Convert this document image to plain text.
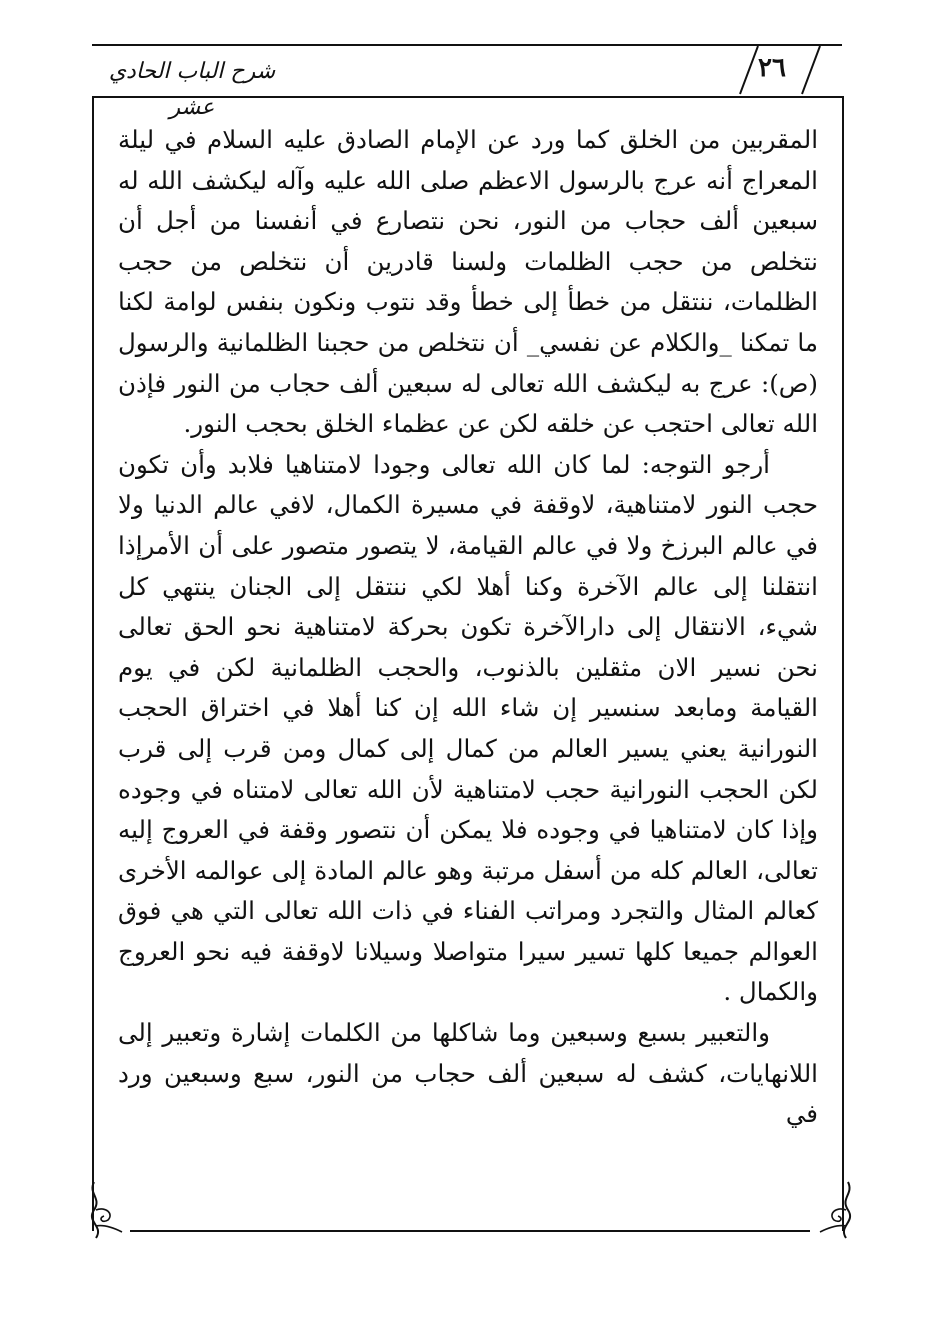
شرح الباب الحادي عشر
٢٦

المقربين من الخلق كما ورد عن الإمام الصادق عليه السلام في ليلة المعراج أنه عرج بالرسول الاعظم صلى الله عليه وآله ليكشف الله له سبعين ألف حجاب من النور، نحن نتصارع في أنفسنا من أجل أن نتخلص من حجب الظلمات ولسنا قادرين أن نتخلص من حجب الظلمات، ننتقل من خطأ إلى خطأ وقد نتوب ونكون بنفس لوامة لكنا ما تمكنا _والكلام عن نفسي_ أن نتخلص من حجبنا الظلمانية والرسول (ص): عرج به ليكشف الله تعالى له سبعين ألف حجاب من النور فإذن الله تعالى احتجب عن خلقه لكن عن عظماء الخلق بحجب النور.

أرجو التوجه: لما كان الله تعالى وجودا لامتناهيا فلابد وأن تكون حجب النور لامتناهية، لاوقفة في مسيرة الكمال، لافي عالم الدنيا ولا في عالم البرزخ ولا في عالم القيامة، لا يتصور متصور على أن الأمرإذا انتقلنا إلى عالم الآخرة وكنا أهلا لكي ننتقل إلى الجنان ينتهي كل شيء، الانتقال إلى دارالآخرة تكون بحركة لامتناهية نحو الحق تعالى نحن نسير الان مثقلين بالذنوب، والحجب الظلمانية لكن في يوم القيامة ومابعد سنسير إن شاء الله إن كنا أهلا في اختراق الحجب النورانية يعني يسير العالم من كمال إلى كمال ومن قرب إلى قرب لكن الحجب النورانية حجب لامتناهية لأن الله تعالى لامتناه في وجوده وإذا كان لامتناهيا في وجوده فلا يمكن أن نتصور وقفة في العروج إليه تعالى، العالم كله من أسفل مرتبة وهو عالم المادة إلى عوالمه الأخرى كعالم المثال والتجرد ومراتب الفناء في ذات الله تعالى التي هي فوق العوالم جميعا كلها تسير سيرا متواصلا وسيلانا لاوقفة فيه نحو العروج والكمال .

والتعبير بسبع وسبعين وما شاكلها من الكلمات إشارة وتعبير إلى اللانهايات، كشف له سبعين ألف حجاب من النور، سبع وسبعين ورد في
